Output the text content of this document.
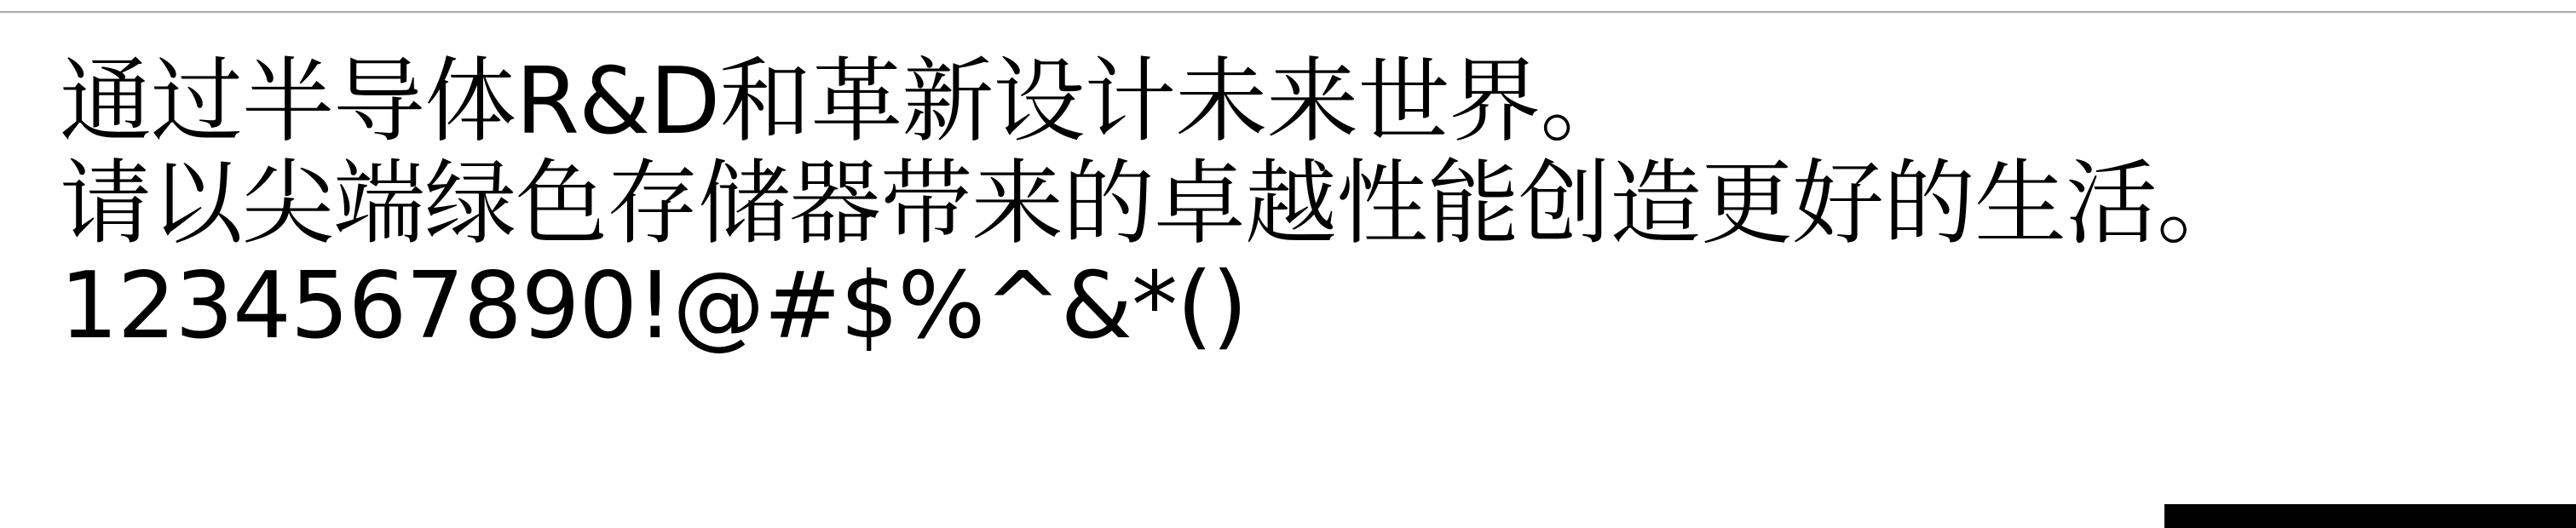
通过半导体R&D和革新设计未来世界。

请以尖端绿色存储器带来的卓越性能创造更好的生活。

1234567890!@#$%^&*()
